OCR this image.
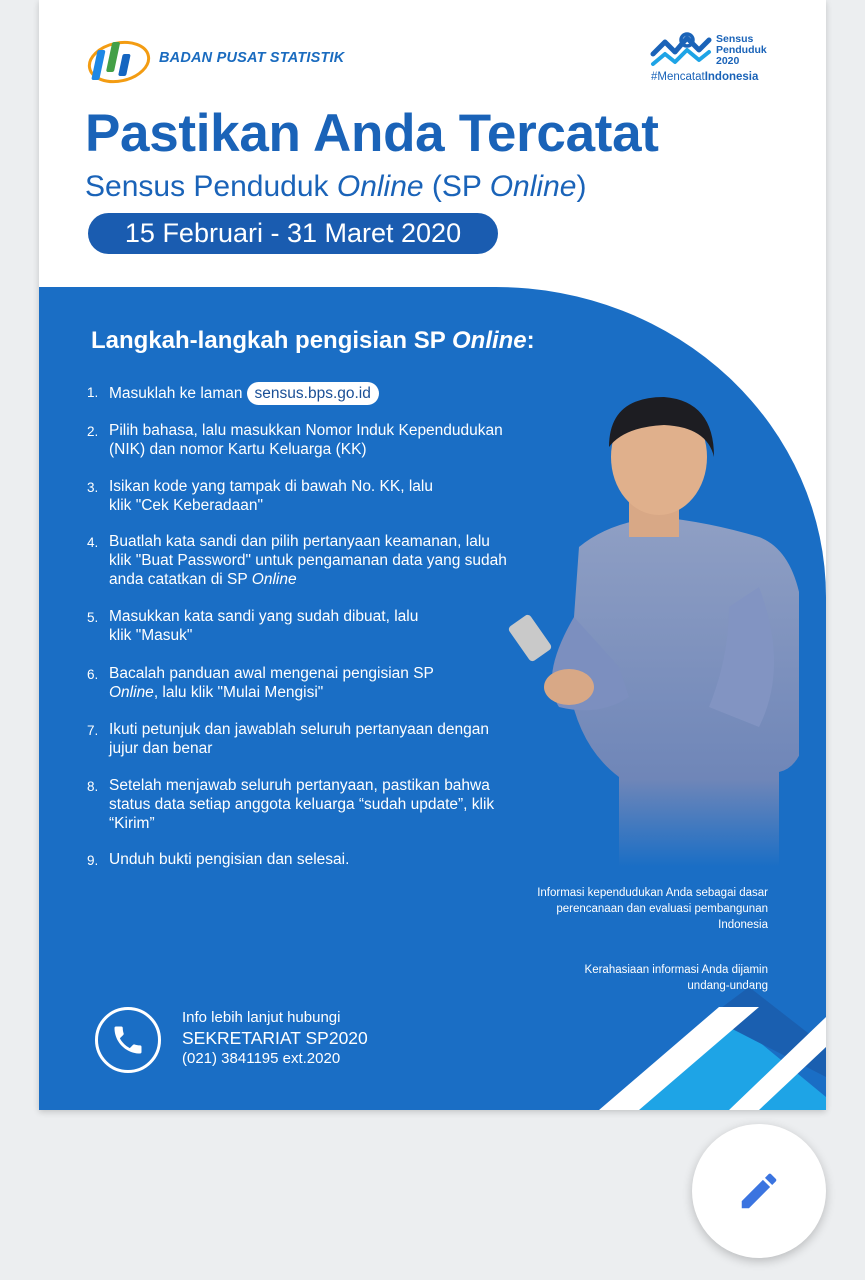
BADAN PUSAT STATISTIK
Sensus
Penduduk
2020
#MencatatIndonesia
Pastikan Anda Tercatat
Sensus Penduduk Online (SP Online)
15 Februari - 31 Maret 2020
Langkah-langkah pengisian SP Online:
1. Masuklah ke laman sensus.bps.go.id
2. Pilih bahasa, lalu masukkan Nomor Induk Kependudukan (NIK) dan nomor Kartu Keluarga (KK)
3. Isikan kode yang tampak di bawah No. KK, lalu klik "Cek Keberadaan"
4. Buatlah kata sandi dan pilih pertanyaan keamanan, lalu klik "Buat Password" untuk pengamanan data yang sudah anda catatkan di SP Online
5. Masukkan kata sandi yang sudah dibuat, lalu klik "Masuk"
6. Bacalah panduan awal mengenai pengisian SP Online, lalu klik "Mulai Mengisi"
7. Ikuti petunjuk dan jawablah seluruh pertanyaan dengan jujur dan benar
8. Setelah menjawab seluruh pertanyaan, pastikan bahwa status data setiap anggota keluarga “sudah update”, klik “Kirim”
9. Unduh bukti pengisian dan selesai.
Informasi kependudukan Anda sebagai dasar perencanaan dan evaluasi pembangunan Indonesia
Kerahasiaan informasi Anda dijamin undang-undang
Info lebih lanjut hubungi
SEKRETARIAT SP2020
(021) 3841195 ext.2020
